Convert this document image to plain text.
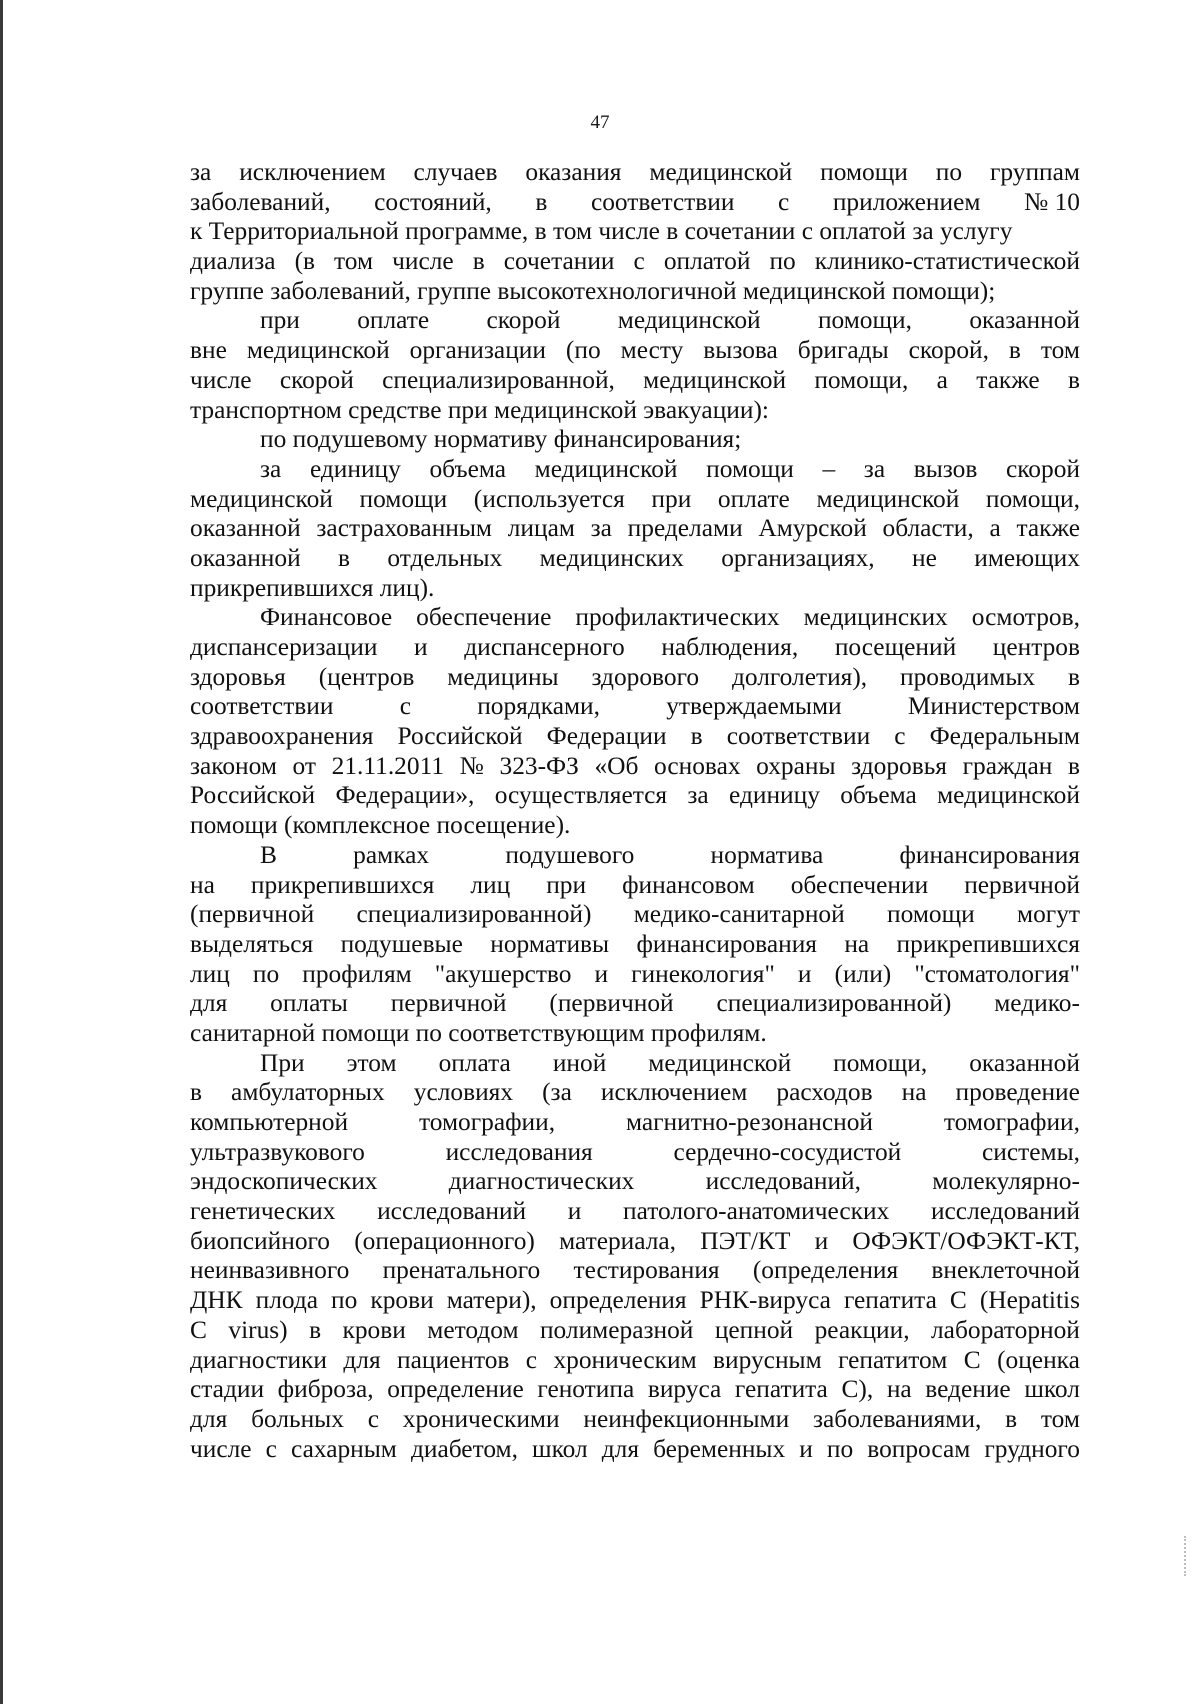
47
за исключением случаев оказания медицинской помощи по группам
заболеваний, состояний, в соответствии с приложением № 10
к Территориальной программе, в том числе в сочетании с оплатой за услугу
диализа (в том числе в сочетании с оплатой по клинико-статистической
группе заболеваний, группе высокотехнологичной медицинской помощи);
при оплате скорой медицинской помощи, оказанной
вне медицинской организации (по месту вызова бригады скорой, в том
числе скорой специализированной, медицинской помощи, а также в
транспортном средстве при медицинской эвакуации):
по подушевому нормативу финансирования;
за единицу объема медицинской помощи – за вызов скорой
медицинской помощи (используется при оплате медицинской помощи,
оказанной застрахованным лицам за пределами Амурской области, а также
оказанной в отдельных медицинских организациях, не имеющих
прикрепившихся лиц).
Финансовое обеспечение профилактических медицинских осмотров,
диспансеризации и диспансерного наблюдения, посещений центров
здоровья (центров медицины здорового долголетия), проводимых в
соответствии	с	порядками,	утверждаемыми	Министерством
здравоохранения Российской Федерации в соответствии с Федеральным
законом от 21.11.2011 № 323-ФЗ «Об основах охраны здоровья граждан в
Российской Федерации», осуществляется за единицу объема медицинской
помощи (комплексное посещение).
В	рамках	подушевого	норматива	финансирования
на прикрепившихся лиц при финансовом обеспечении первичной
(первичной специализированной) медико-санитарной помощи могут
выделяться подушевые нормативы финансирования на прикрепившихся
лиц по профилям "акушерство и гинекология" и (или) "стоматология"
для оплаты первичной (первичной специализированной) медико-
санитарной помощи по соответствующим профилям.
При этом оплата иной медицинской помощи, оказанной
в амбулаторных условиях (за исключением расходов на проведение
компьютерной	томографии,	магнитно-резонансной	томографии,
ультразвукового	исследования	сердечно-сосудистой	системы,
эндоскопических	диагностических	исследований,	молекулярно-
генетических исследований и патолого-анатомических исследований
биопсийного (операционного) материала, ПЭТ/КТ и ОФЭКТ/ОФЭКТ-КТ,
неинвазивного пренатального тестирования (определения внеклеточной
ДНК плода по крови матери), определения РНК-вируса гепатита С (Hepatitis
C virus) в крови методом полимеразной цепной реакции, лабораторной
диагностики для пациентов с хроническим вирусным гепатитом С (оценка
стадии фиброза, определение генотипа вируса гепатита С), на ведение школ
для больных с хроническими неинфекционными заболеваниями, в том
числе с сахарным диабетом, школ для беременных и по вопросам грудного
